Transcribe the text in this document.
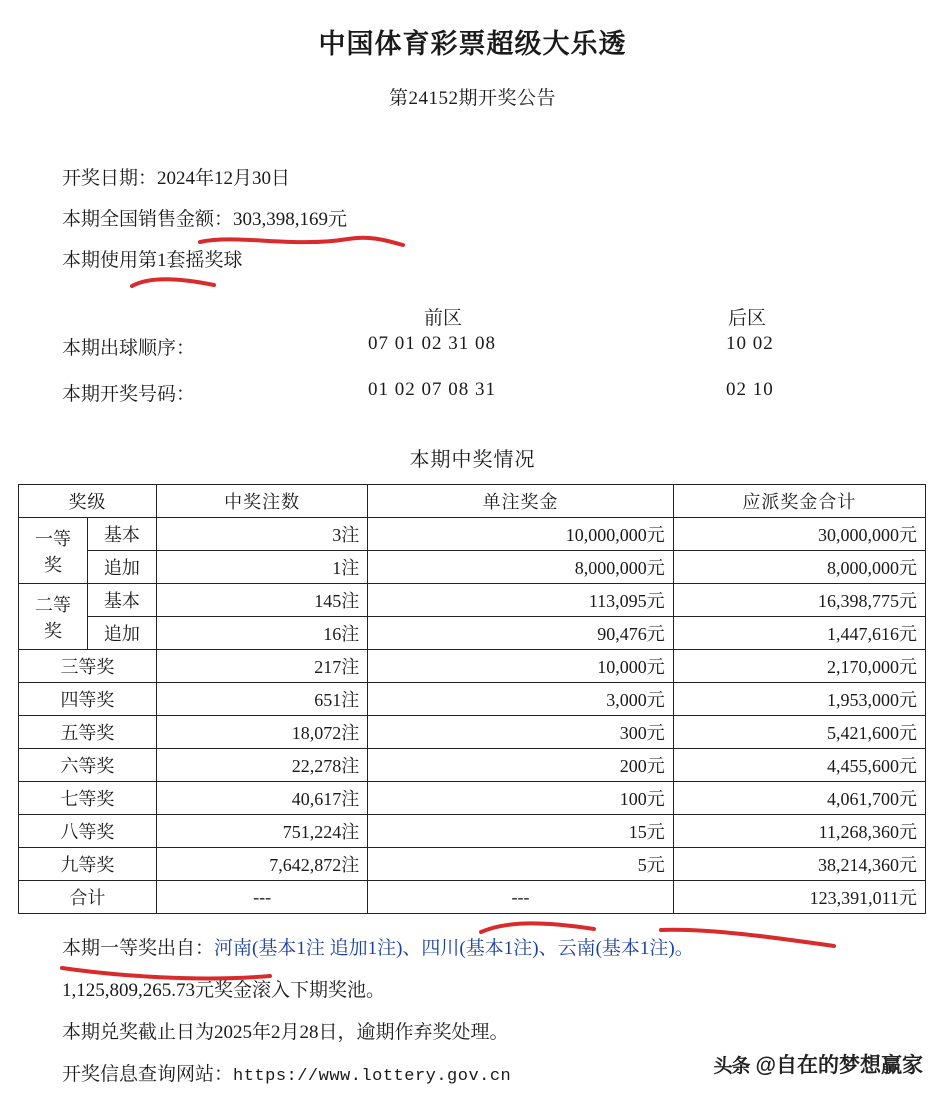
中国体育彩票超级大乐透
第24152期开奖公告
开奖日期：2024年12月30日
本期全国销售金额：303,398,169元
本期使用第1套摇奖球
前区	后区
本期出球顺序：	07 01 02 31 08	10 02
本期开奖号码：	01 02 07 08 31	02 10
本期中奖情况
奖级		中奖注数	单注奖金	应派奖金合计
一等奖	基本	3注	10,000,000元	30,000,000元
	追加	1注	8,000,000元	8,000,000元
二等奖	基本	145注	113,095元	16,398,775元
	追加	16注	90,476元	1,447,616元
三等奖		217注	10,000元	2,170,000元
四等奖		651注	3,000元	1,953,000元
五等奖		18,072注	300元	5,421,600元
六等奖		22,278注	200元	4,455,600元
七等奖		40,617注	100元	4,061,700元
八等奖		751,224注	15元	11,268,360元
九等奖		7,642,872注	5元	38,214,360元
合计		---	---	123,391,011元
本期一等奖出自：河南(基本1注 追加1注)、四川(基本1注)、云南(基本1注)。
1,125,809,265.73元奖金滚入下期奖池。
本期兑奖截止日为2025年2月28日，逾期作弃奖处理。
开奖信息查询网站：https://www.lottery.gov.cn	头条 @自在的梦想赢家
